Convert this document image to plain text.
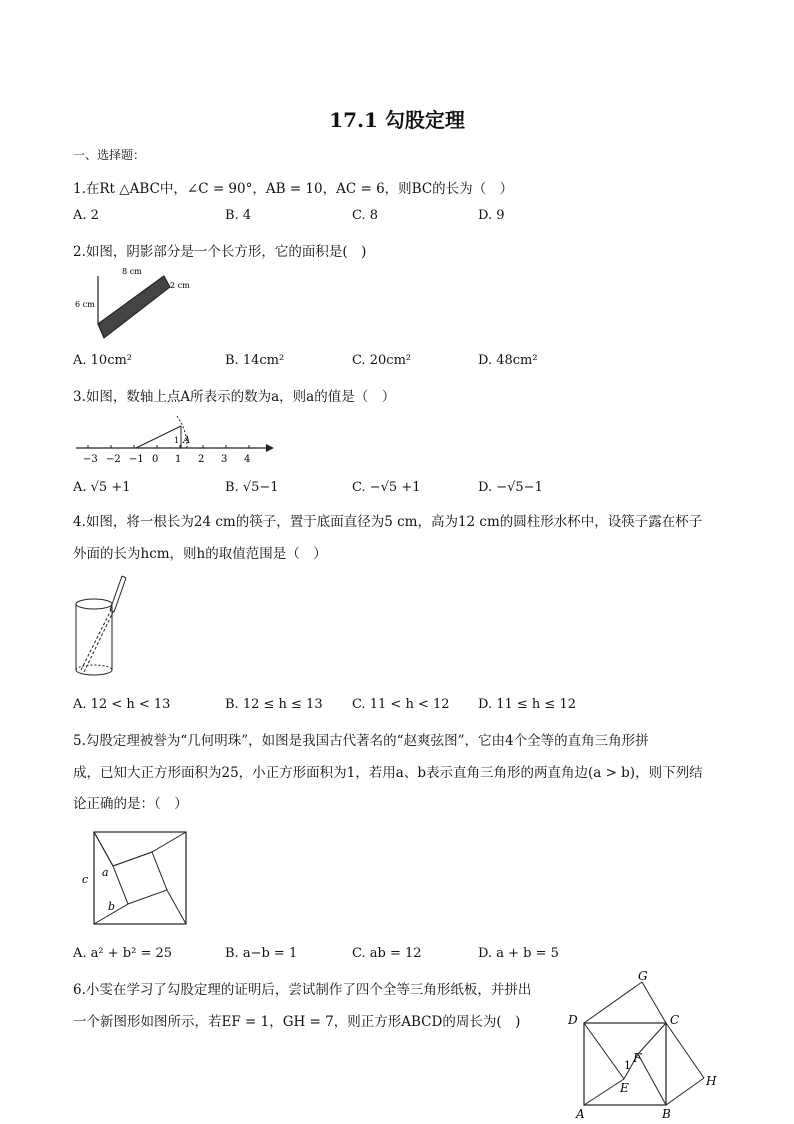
17.1 勾股定理
一、选择题：
1.在Rt △ABC中，∠C = 90°，AB = 10，AC = 6，则BC的长为（　）
A. 2	B. 4	C. 8	D. 9
2.如图，阴影部分是一个长方形，它的面积是(　)
8 cm
6 cm
2 cm
A. 10cm²	B. 14cm²	C. 20cm²	D. 48cm²
3.如图，数轴上点A所表示的数为a，则a的值是（　）
A
1
−3 −2 −1 0 1 2 3 4
A. √5 +1	B. √5−1	C. −√5 +1	D. −√5−1
4.如图，将一根长为24 cm的筷子，置于底面直径为5 cm，高为12 cm的圆柱形水杯中，设筷子露在杯子
外面的长为hcm，则h的取值范围是（　）
A. 12 < h < 13	B. 12 ≤ h ≤ 13 C. 11 < h < 12 D. 11 ≤ h ≤ 12
5.勾股定理被誉为“几何明珠”，如图是我国古代著名的“赵爽弦图”，它由4个全等的直角三角形拼
成，已知大正方形面积为25，小正方形面积为1，若用a、b表示直角三角形的两直角边(a > b)，则下列结
论正确的是：（　）
c
a
b
A. a² + b² = 25	B. a−b = 1	C. ab = 12	D. a + b = 5
6.小雯在学习了勾股定理的证明后，尝试制作了四个全等三角形纸板，并拼出
一个新图形如图所示，若EF = 1，GH = 7，则正方形ABCD的周长为(　)
G
D	C
F
1
E	H
A	B
